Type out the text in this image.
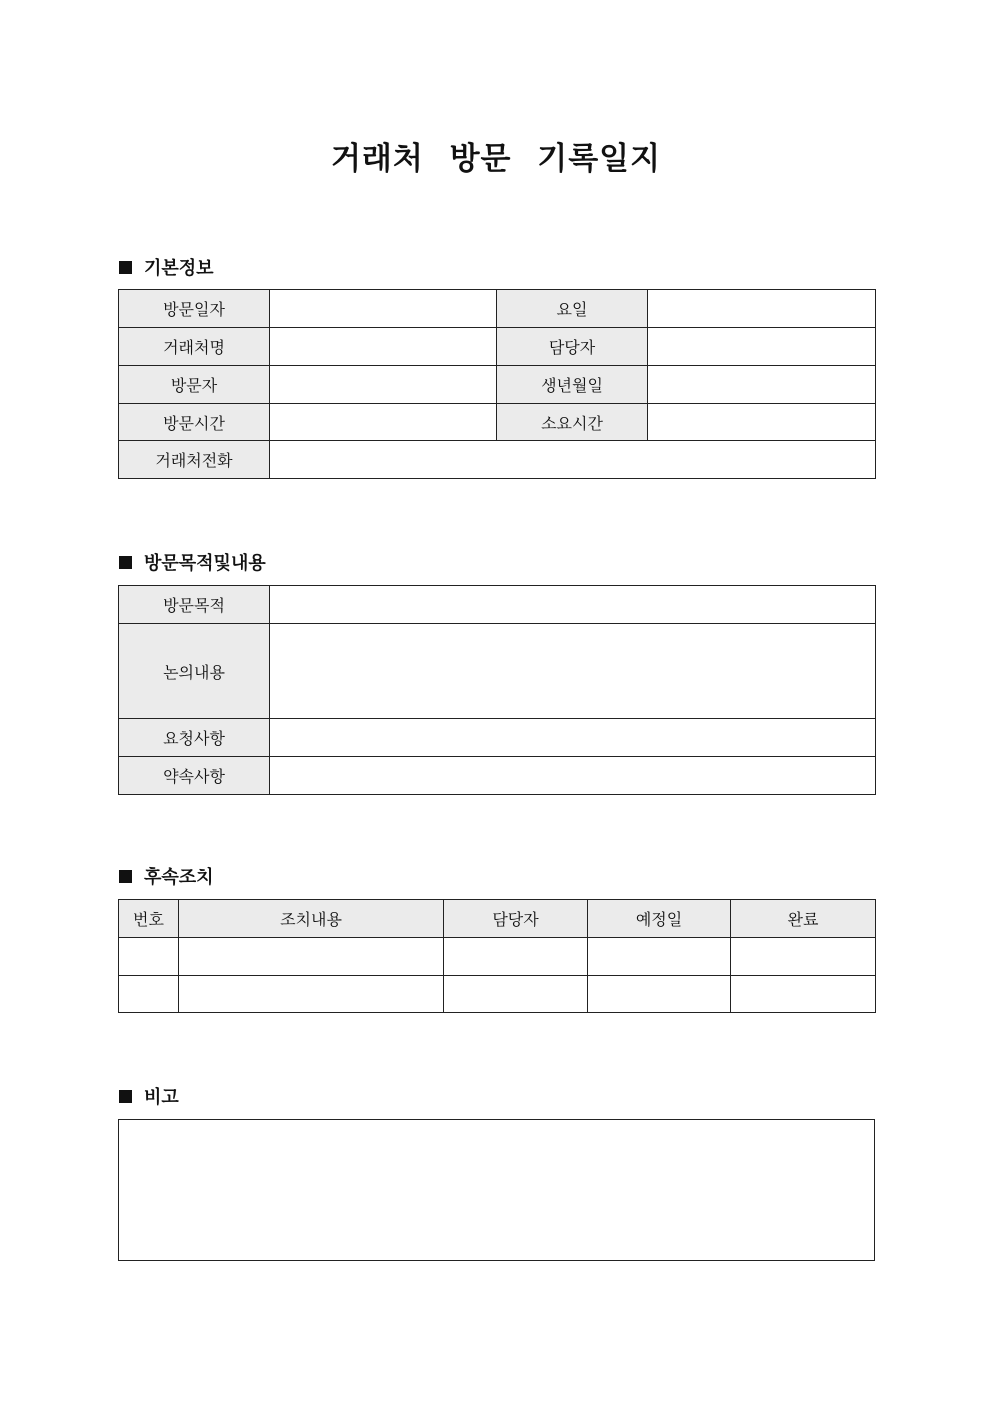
거래처 방문 기록일지
기본정보
방문일자		요일	
거래처명		담당자	
방문자		생년월일	
방문시간		소요시간	
거래처전화			
방문목적및내용
방문목적	
논의내용	
요청사항	
약속사항	
후속조치
번호	조치내용	담당자	예정일	완료

비고
